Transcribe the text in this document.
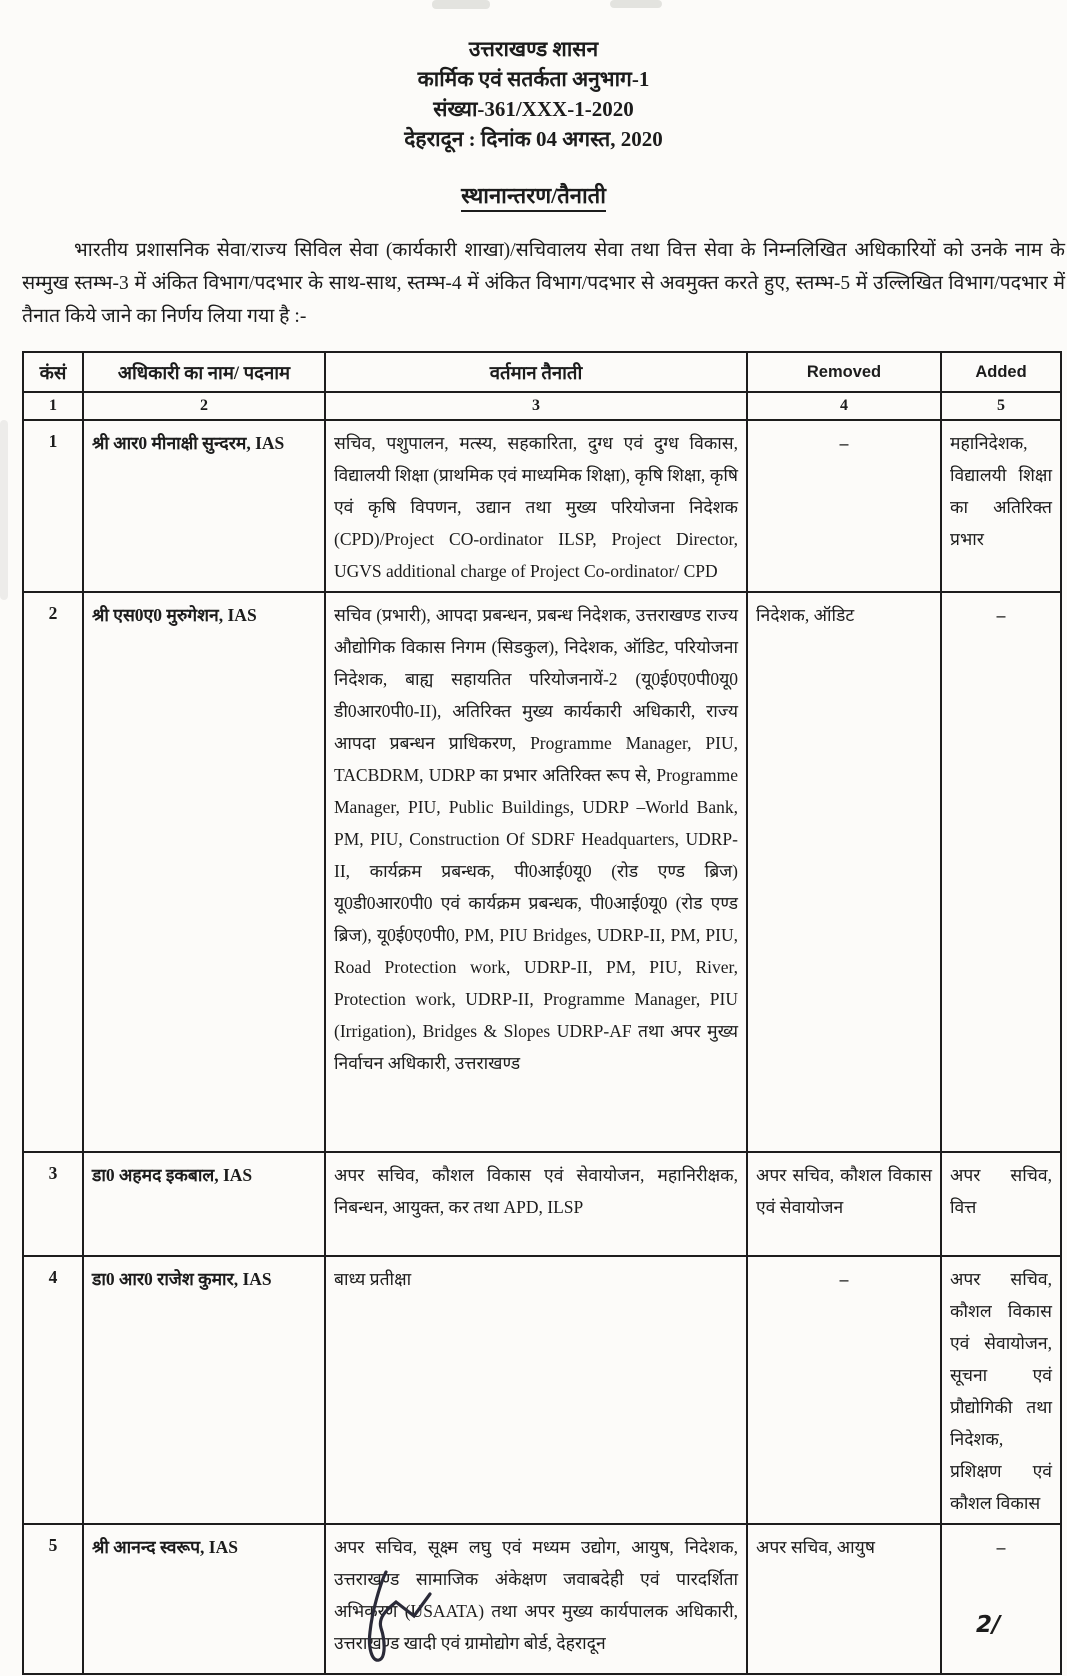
उत्तराखण्ड शासन
कार्मिक एवं सतर्कता अनुभाग-1
संख्या-361/XXX-1-2020
देहरादून : दिनांक 04 अगस्त, 2020
स्थानान्तरण/तैनाती

भारतीय प्रशासनिक सेवा/राज्य सिविल सेवा (कार्यकारी शाखा)/सचिवालय सेवा तथा वित्त सेवा के निम्नलिखित अधिकारियों को उनके नाम के सम्मुख स्तम्भ-3 में अंकित विभाग/पदभार के साथ-साथ, स्तम्भ-4 में अंकित विभाग/पदभार से अवमुक्त करते हुए, स्तम्भ-5 में उल्लिखित विभाग/पदभार में तैनात किये जाने का निर्णय लिया गया है :-

कंसं	अधिकारी का नाम/ पदनाम	वर्तमान तैनाती	Removed	Added
1	2	3	4	5
1	श्री आर0 मीनाक्षी सुन्दरम, IAS	सचिव, पशुपालन, मत्स्य, सहकारिता, दुग्ध एवं दुग्ध विकास, विद्यालयी शिक्षा (प्राथमिक एवं माध्यमिक शिक्षा), कृषि शिक्षा, कृषि एवं कृषि विपणन, उद्यान तथा मुख्य परियोजना निदेशक (CPD)/Project CO-ordinator ILSP, Project Director, UGVS additional charge of Project Co-ordinator/ CPD	–	महानिदेशक, विद्यालयी शिक्षा का अतिरिक्त प्रभार
2	श्री एस0ए0 मुरुगेशन, IAS	सचिव (प्रभारी), आपदा प्रबन्धन, प्रबन्ध निदेशक, उत्तराखण्ड राज्य औद्योगिक विकास निगम (सिडकुल), निदेशक, ऑडिट, परियोजना निदेशक, बाह्य सहायतित परियोजनायें-2 (यू0ई0ए0पी0यू0 डी0आर0पी0-II), अतिरिक्त मुख्य कार्यकारी अधिकारी, राज्य आपदा प्रबन्धन प्राधिकरण, Programme Manager, PIU, TACBDRM, UDRP का प्रभार अतिरिक्त रूप से, Programme Manager, PIU, Public Buildings, UDRP –World Bank, PM, PIU, Construction Of SDRF Headquarters, UDRP-II, कार्यक्रम प्रबन्धक, पी0आई0यू0 (रोड एण्ड ब्रिज) यू0डी0आर0पी0 एवं कार्यक्रम प्रबन्धक, पी0आई0यू0 (रोड एण्ड ब्रिज), यू0ई0ए0पी0, PM, PIU Bridges, UDRP-II, PM, PIU, Road Protection work, UDRP-II, PM, PIU, River, Protection work, UDRP-II, Programme Manager, PIU (Irrigation), Bridges & Slopes UDRP-AF तथा अपर मुख्य निर्वाचन अधिकारी, उत्तराखण्ड	निदेशक, ऑडिट	–
3	डा0 अहमद इकबाल, IAS	अपर सचिव, कौशल विकास एवं सेवायोजन, महानिरीक्षक, निबन्धन, आयुक्त, कर तथा APD, ILSP	अपर सचिव, कौशल विकास एवं सेवायोजन	अपर सचिव, वित्त
4	डा0 आर0 राजेश कुमार, IAS	बाध्य प्रतीक्षा	–	अपर सचिव, कौशल विकास एवं सेवायोजन, सूचना एवं प्रौद्योगिकी तथा निदेशक, प्रशिक्षण एवं कौशल विकास
5	श्री आनन्द स्वरूप, IAS	अपर सचिव, सूक्ष्म लघु एवं मध्यम उद्योग, आयुष, निदेशक, उत्तराखण्ड सामाजिक अंकेक्षण जवाबदेही एवं पारदर्शिता अभिकरण (USAATA) तथा अपर मुख्य कार्यपालक अधिकारी, उत्तराखण्ड खादी एवं ग्रामोद्योग बोर्ड, देहरादून	अपर सचिव, आयुष	–
2/
